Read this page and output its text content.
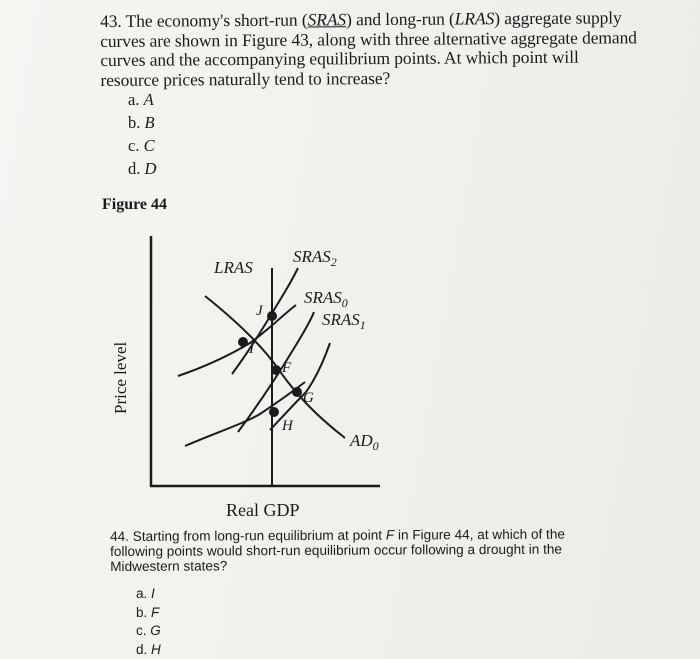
43. The economy's short-run (SRAS) and long-run (LRAS) aggregate supply curves are shown in Figure 43, along with three alternative aggregate demand curves and the accompanying equilibrium points. At which point will resource prices naturally tend to increase?

a. A
b. B
c. C
d. D
Figure 44
LRAS
$SRAS_2$
$SRAS_0$
$SRAS_1$
$AD_0$
I
J
F
G
H
Price level
Real GDP

44. Starting from long-run equilibrium at point F in Figure 44, at which of the following points would short-run equilibrium occur following a drought in the Midwestern states?

a. I
b. F
c. G
d. H
